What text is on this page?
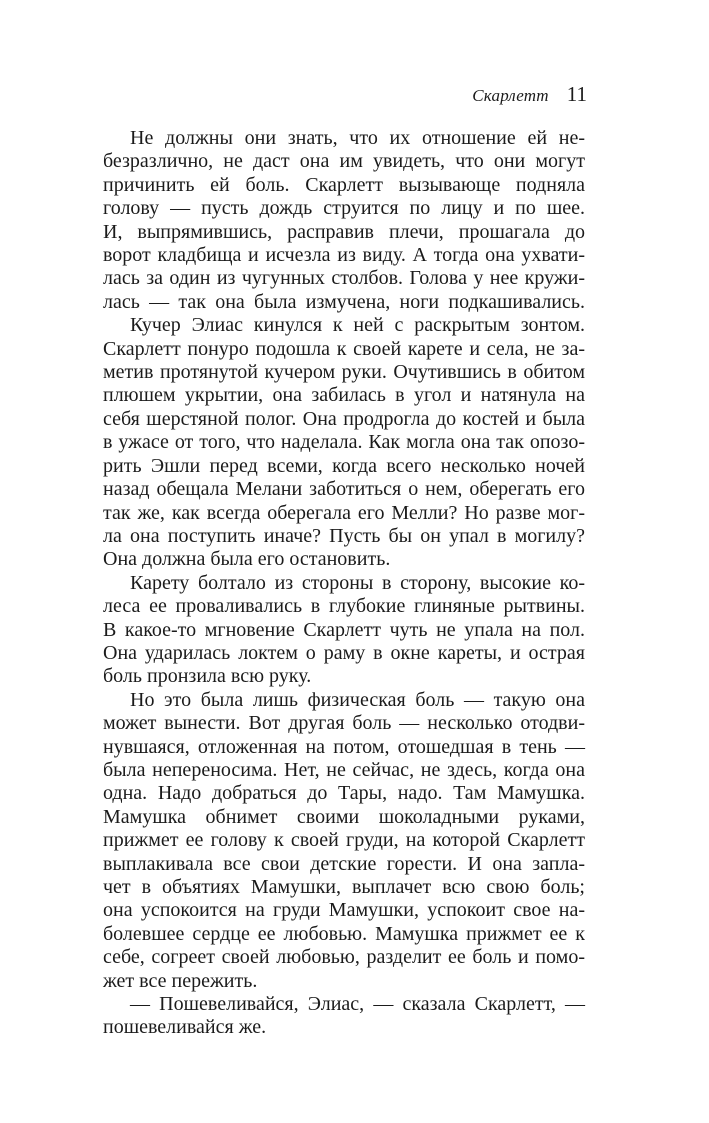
Скарлетт 11

Не должны они знать, что их отношение ей не-
безразлично, не даст она им увидеть, что они могут
причинить ей боль. Скарлетт вызывающе подняла
голову — пусть дождь струится по лицу и по шее.
И, выпрямившись, расправив плечи, прошагала до
ворот кладбища и исчезла из виду. А тогда она ухвати-
лась за один из чугунных столбов. Голова у нее кружи-
лась — так она была измучена, ноги подкашивались.

Кучер Элиас кинулся к ней с раскрытым зонтом.
Скарлетт понуро подошла к своей карете и села, не за-
метив протянутой кучером руки. Очутившись в обитом
плюшем укрытии, она забилась в угол и натянула на
себя шерстяной полог. Она продрогла до костей и была
в ужасе от того, что наделала. Как могла она так опозо-
рить Эшли перед всеми, когда всего несколько ночей
назад обещала Мелани заботиться о нем, оберегать его
так же, как всегда оберегала его Мелли? Но разве мог-
ла она поступить иначе? Пусть бы он упал в могилу?
Она должна была его остановить.

Карету болтало из стороны в сторону, высокие ко-
леса ее проваливались в глубокие глиняные рытвины.
В какое-то мгновение Скарлетт чуть не упала на пол.
Она ударилась локтем о раму в окне кареты, и острая
боль пронзила всю руку.

Но это была лишь физическая боль — такую она
может вынести. Вот другая боль — несколько отодви-
нувшаяся, отложенная на потом, отошедшая в тень —
была непереносима. Нет, не сейчас, не здесь, когда она
одна. Надо добраться до Тары, надо. Там Мамушка.
Мамушка обнимет своими шоколадными руками,
прижмет ее голову к своей груди, на которой Скарлетт
выплакивала все свои детские горести. И она запла-
чет в объятиях Мамушки, выплачет всю свою боль;
она успокоится на груди Мамушки, успокоит свое на-
болевшее сердце ее любовью. Мамушка прижмет ее к
себе, согреет своей любовью, разделит ее боль и помо-
жет все пережить.

— Пошевеливайся, Элиас, — сказала Скарлетт, —
пошевеливайся же.
